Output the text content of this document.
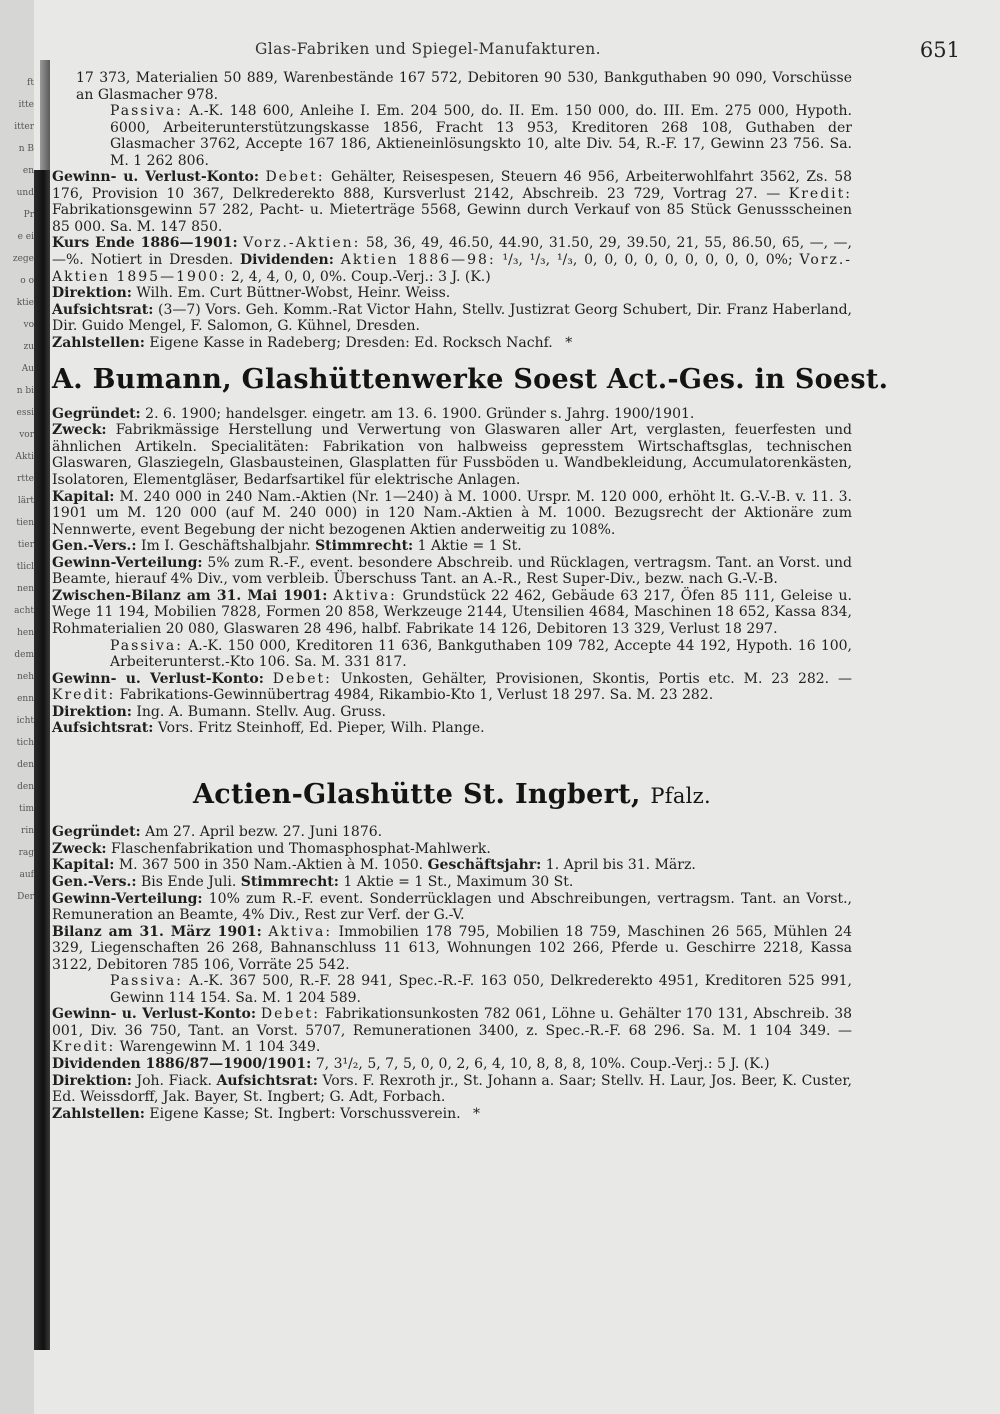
ft
itte
itter
n B
en
und
Pr
e ei
zege
o o
ktie
vo
zu
Au
n bi
essi
vor
Akti
rtte
lärt
tien
tier
tlicl
nen
acht
hen
dem
neh
enn
icht
tich
den
den
tim
rin
rag
auf
Der
Glas-Fabriken und Spiegel-Manufakturen.	651

17 373, Materialien 50 889, Warenbestände 167 572, Debitoren 90 530, Bankguthaben 90 090, Vorschüsse an Glasmacher 978.

Passiva: A.-K. 148 600, Anleihe I. Em. 204 500, do. II. Em. 150 000, do. III. Em. 275 000, Hypoth. 6000, Arbeiterunterstützungskasse 1856, Fracht 13 953, Kreditoren 268 108, Guthaben der Glasmacher 3762, Accepte 167 186, Aktieneinlösungskto 10, alte Div. 54, R.-F. 17, Gewinn 23 756. Sa. M. 1 262 806.

Gewinn- u. Verlust-Konto: Debet: Gehälter, Reisespesen, Steuern 46 956, Arbeiterwohlfahrt 3562, Zs. 58 176, Provision 10 367, Delkrederekto 888, Kursverlust 2142, Abschreib. 23 729, Vortrag 27. — Kredit: Fabrikationsgewinn 57 282, Pacht- u. Mieterträge 5568, Gewinn durch Verkauf von 85 Stück Genussscheinen 85 000. Sa. M. 147 850.

Kurs Ende 1886—1901: Vorz.-Aktien: 58, 36, 49, 46.50, 44.90, 31.50, 29, 39.50, 21, 55, 86.50, 65, —, —, —%. Notiert in Dresden. Dividenden: Aktien 1886—98: ¹/₃, ¹/₃, ¹/₃, 0, 0, 0, 0, 0, 0, 0, 0, 0, 0%; Vorz.-Aktien 1895—1900: 2, 4, 4, 0, 0, 0%. Coup.-Verj.: 3 J. (K.)

Direktion: Wilh. Em. Curt Büttner-Wobst, Heinr. Weiss.

Aufsichtsrat: (3—7) Vors. Geh. Komm.-Rat Victor Hahn, Stellv. Justizrat Georg Schubert, Dir. Franz Haberland, Dir. Guido Mengel, F. Salomon, G. Kühnel, Dresden.

Zahlstellen: Eigene Kasse in Radeberg; Dresden: Ed. Rocksch Nachf. *

A. Bumann, Glashüttenwerke Soest Act.-Ges. in Soest.

Gegründet: 2. 6. 1900; handelsger. eingetr. am 13. 6. 1900. Gründer s. Jahrg. 1900/1901.

Zweck: Fabrikmässige Herstellung und Verwertung von Glaswaren aller Art, verglasten, feuerfesten und ähnlichen Artikeln. Specialitäten: Fabrikation von halbweiss gepresstem Wirtschaftsglas, technischen Glaswaren, Glasziegeln, Glasbausteinen, Glasplatten für Fussböden u. Wandbekleidung, Accumulatorenkästen, Isolatoren, Elementgläser, Bedarfsartikel für elektrische Anlagen.

Kapital: M. 240 000 in 240 Nam.-Aktien (Nr. 1—240) à M. 1000. Urspr. M. 120 000, erhöht lt. G.-V.-B. v. 11. 3. 1901 um M. 120 000 (auf M. 240 000) in 120 Nam.-Aktien à M. 1000. Bezugsrecht der Aktionäre zum Nennwerte, event Begebung der nicht bezogenen Aktien anderweitig zu 108%.

Gen.-Vers.: Im I. Geschäftshalbjahr. Stimmrecht: 1 Aktie = 1 St.

Gewinn-Verteilung: 5% zum R.-F., event. besondere Abschreib. und Rücklagen, vertragsm. Tant. an Vorst. und Beamte, hierauf 4% Div., vom verbleib. Überschuss Tant. an A.-R., Rest Super-Div., bezw. nach G.-V.-B.

Zwischen-Bilanz am 31. Mai 1901: Aktiva: Grundstück 22 462, Gebäude 63 217, Öfen 85 111, Geleise u. Wege 11 194, Mobilien 7828, Formen 20 858, Werkzeuge 2144, Utensilien 4684, Maschinen 18 652, Kassa 834, Rohmaterialien 20 080, Glaswaren 28 496, halbf. Fabrikate 14 126, Debitoren 13 329, Verlust 18 297.

Passiva: A.-K. 150 000, Kreditoren 11 636, Bankguthaben 109 782, Accepte 44 192, Hypoth. 16 100, Arbeiterunterst.-Kto 106. Sa. M. 331 817.

Gewinn- u. Verlust-Konto: Debet: Unkosten, Gehälter, Provisionen, Skontis, Portis etc. M. 23 282. — Kredit: Fabrikations-Gewinnübertrag 4984, Rikambio-Kto 1, Verlust 18 297. Sa. M. 23 282.

Direktion: Ing. A. Bumann. Stellv. Aug. Gruss.

Aufsichtsrat: Vors. Fritz Steinhoff, Ed. Pieper, Wilh. Plange.

Actien-Glashütte St. Ingbert, Pfalz.

Gegründet: Am 27. April bezw. 27. Juni 1876.

Zweck: Flaschenfabrikation und Thomasphosphat-Mahlwerk.

Kapital: M. 367 500 in 350 Nam.-Aktien à M. 1050. Geschäftsjahr: 1. April bis 31. März.

Gen.-Vers.: Bis Ende Juli. Stimmrecht: 1 Aktie = 1 St., Maximum 30 St.

Gewinn-Verteilung: 10% zum R.-F. event. Sonderrücklagen und Abschreibungen, vertragsm. Tant. an Vorst., Remuneration an Beamte, 4% Div., Rest zur Verf. der G.-V.

Bilanz am 31. März 1901: Aktiva: Immobilien 178 795, Mobilien 18 759, Maschinen 26 565, Mühlen 24 329, Liegenschaften 26 268, Bahnanschluss 11 613, Wohnungen 102 266, Pferde u. Geschirre 2218, Kassa 3122, Debitoren 785 106, Vorräte 25 542.

Passiva: A.-K. 367 500, R.-F. 28 941, Spec.-R.-F. 163 050, Delkrederekto 4951, Kreditoren 525 991, Gewinn 114 154. Sa. M. 1 204 589.

Gewinn- u. Verlust-Konto: Debet: Fabrikationsunkosten 782 061, Löhne u. Gehälter 170 131, Abschreib. 38 001, Div. 36 750, Tant. an Vorst. 5707, Remunerationen 3400, z. Spec.-R.-F. 68 296. Sa. M. 1 104 349. — Kredit: Warengewinn M. 1 104 349.

Dividenden 1886/87—1900/1901: 7, 3¹/₂, 5, 7, 5, 0, 0, 2, 6, 4, 10, 8, 8, 8, 10%. Coup.-Verj.: 5 J. (K.)

Direktion: Joh. Fiack. Aufsichtsrat: Vors. F. Rexroth jr., St. Johann a. Saar; Stellv. H. Laur, Jos. Beer, K. Custer, Ed. Weissdorff, Jak. Bayer, St. Ingbert; G. Adt, Forbach.

Zahlstellen: Eigene Kasse; St. Ingbert: Vorschussverein. *
